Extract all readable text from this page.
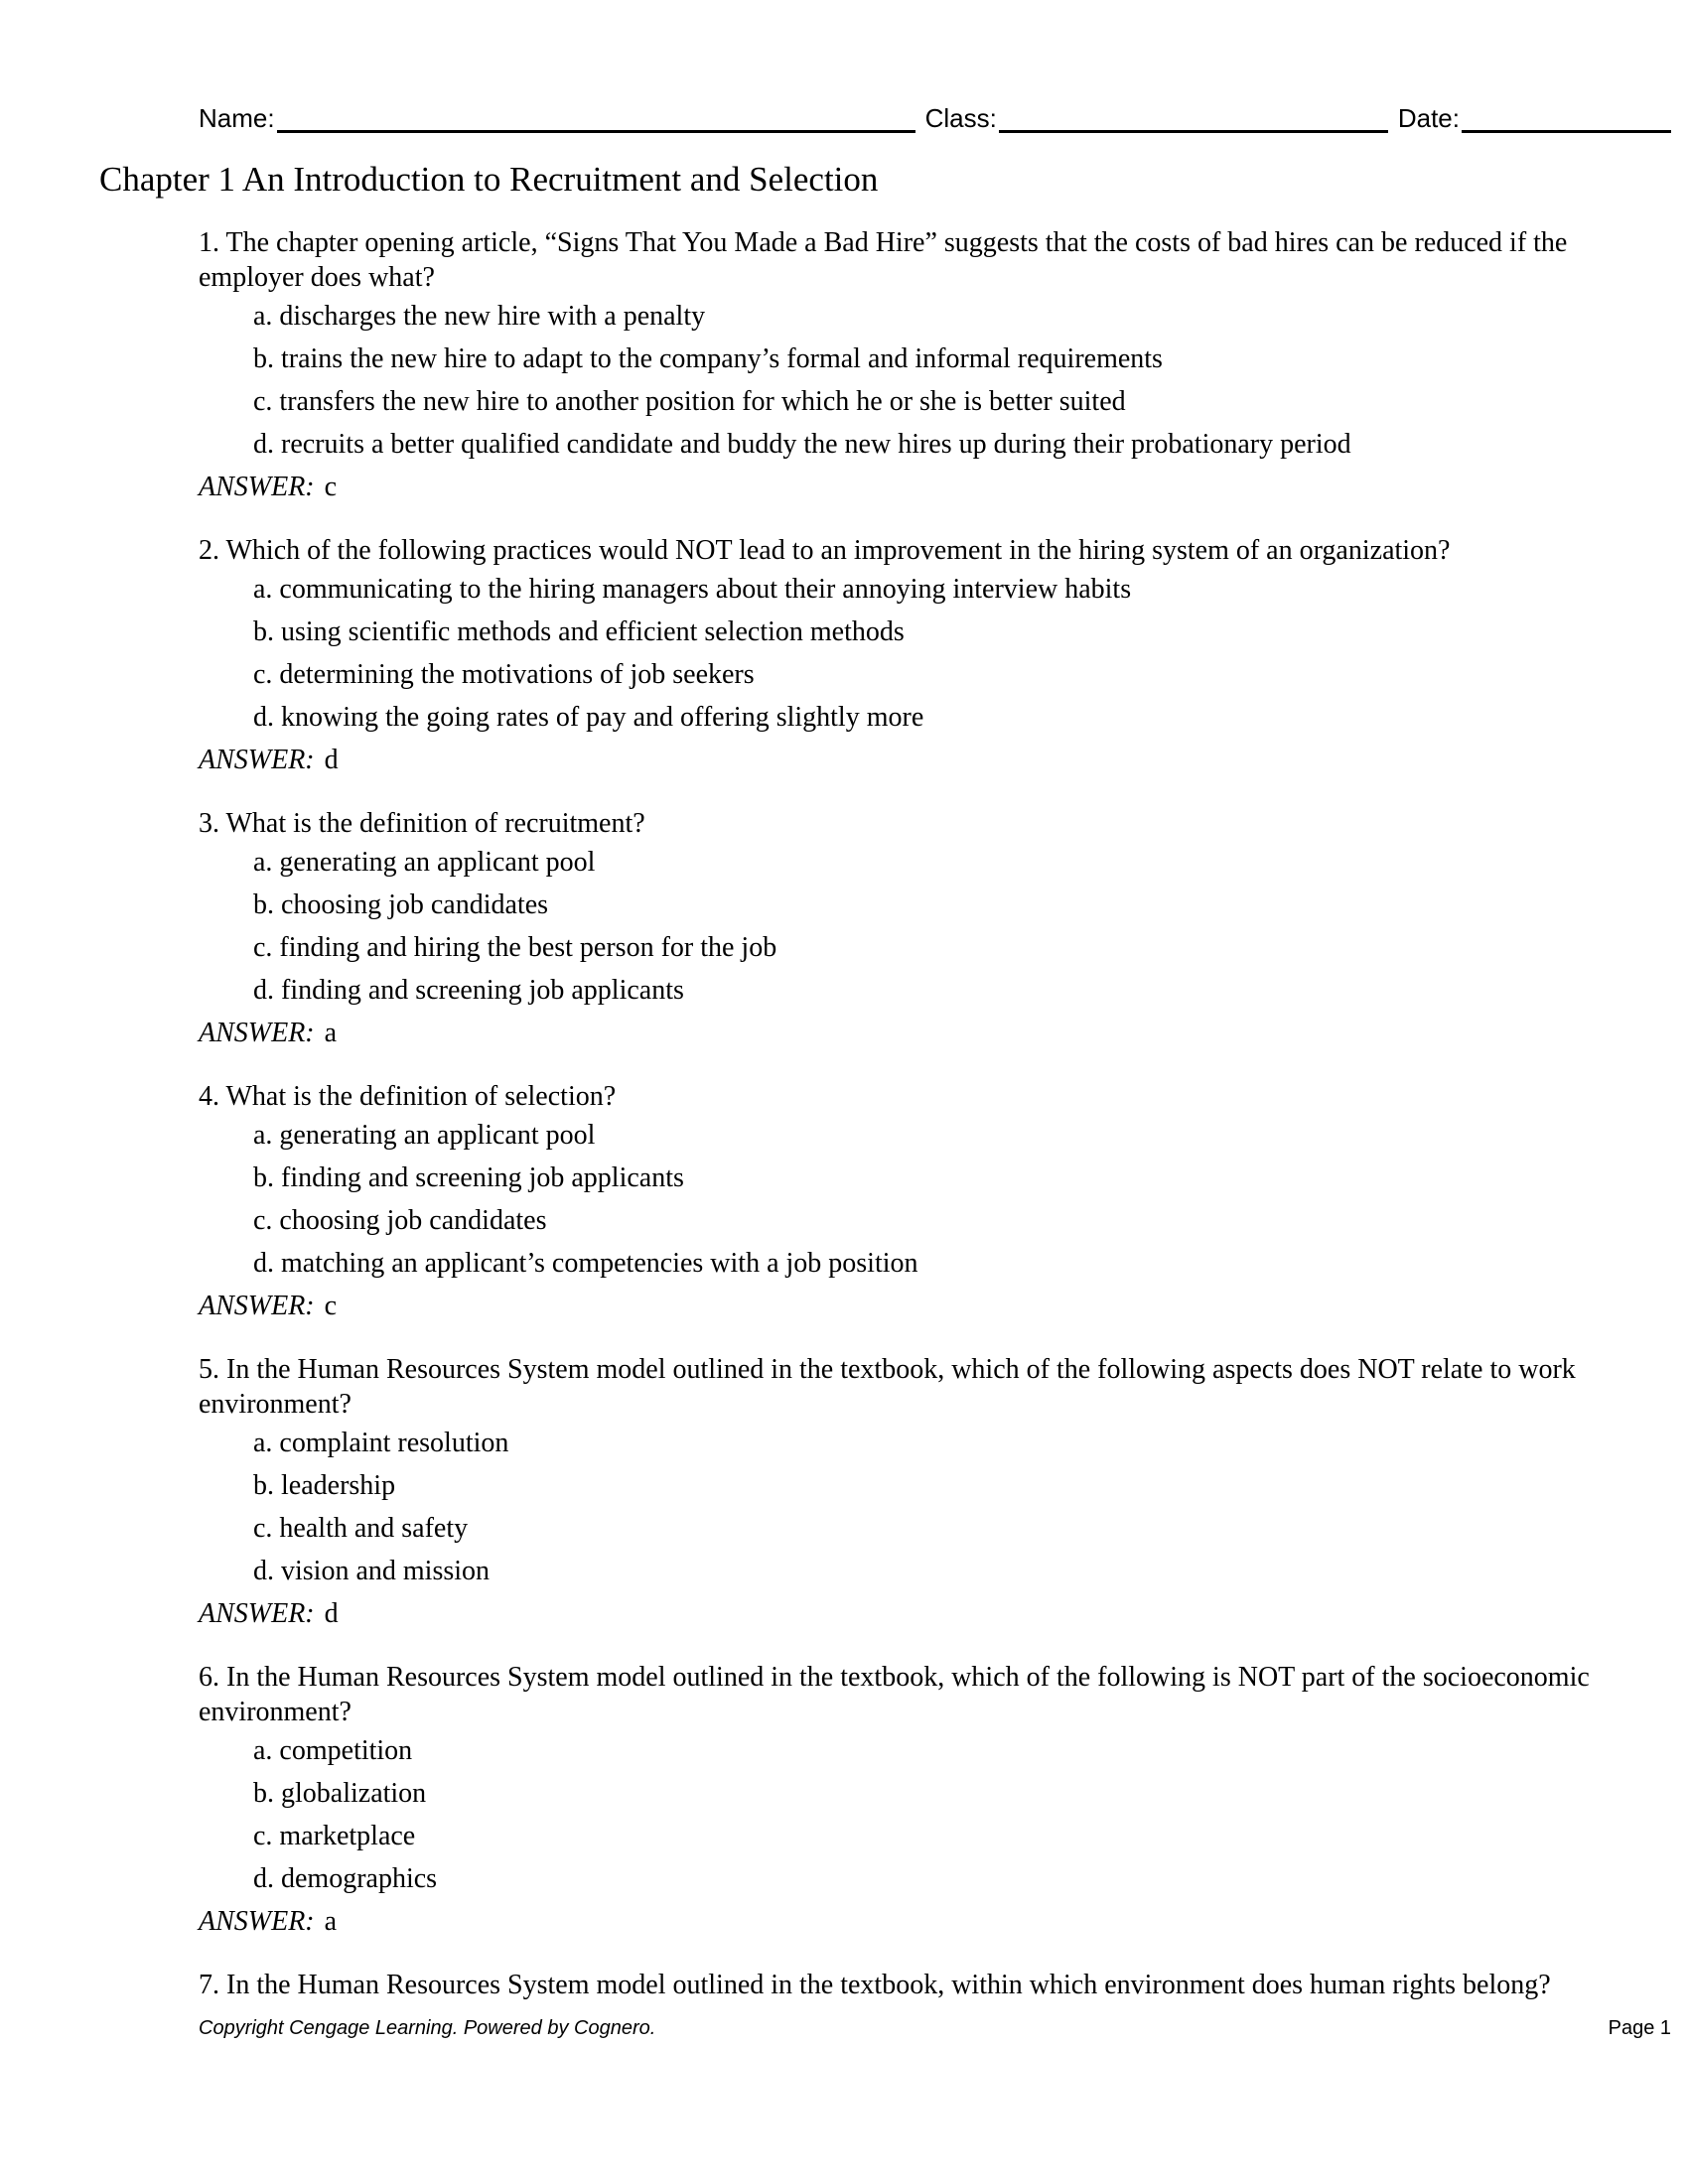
Name:	Class:	Date:
Chapter 1 An Introduction to Recruitment and Selection
1. The chapter opening article, “Signs That You Made a Bad Hire” suggests that the costs of bad hires can be reduced if the employer does what?
a. discharges the new hire with a penalty
b. trains the new hire to adapt to the company’s formal and informal requirements
c. transfers the new hire to another position for which he or she is better suited
d. recruits a better qualified candidate and buddy the new hires up during their probationary period
ANSWER: c
2. Which of the following practices would NOT lead to an improvement in the hiring system of an organization?
a. communicating to the hiring managers about their annoying interview habits
b. using scientific methods and efficient selection methods
c. determining the motivations of job seekers
d. knowing the going rates of pay and offering slightly more
ANSWER: d
3. What is the definition of recruitment?
a. generating an applicant pool
b. choosing job candidates
c. finding and hiring the best person for the job
d. finding and screening job applicants
ANSWER: a
4. What is the definition of selection?
a. generating an applicant pool
b. finding and screening job applicants
c. choosing job candidates
d. matching an applicant’s competencies with a job position
ANSWER: c
5. In the Human Resources System model outlined in the textbook, which of the following aspects does NOT relate to work environment?
a. complaint resolution
b. leadership
c. health and safety
d. vision and mission
ANSWER: d
6. In the Human Resources System model outlined in the textbook, which of the following is NOT part of the socioeconomic environment?
a. competition
b. globalization
c. marketplace
d. demographics
ANSWER: a
7. In the Human Resources System model outlined in the textbook, within which environment does human rights belong?
Copyright Cengage Learning. Powered by Cognero.	Page 1
